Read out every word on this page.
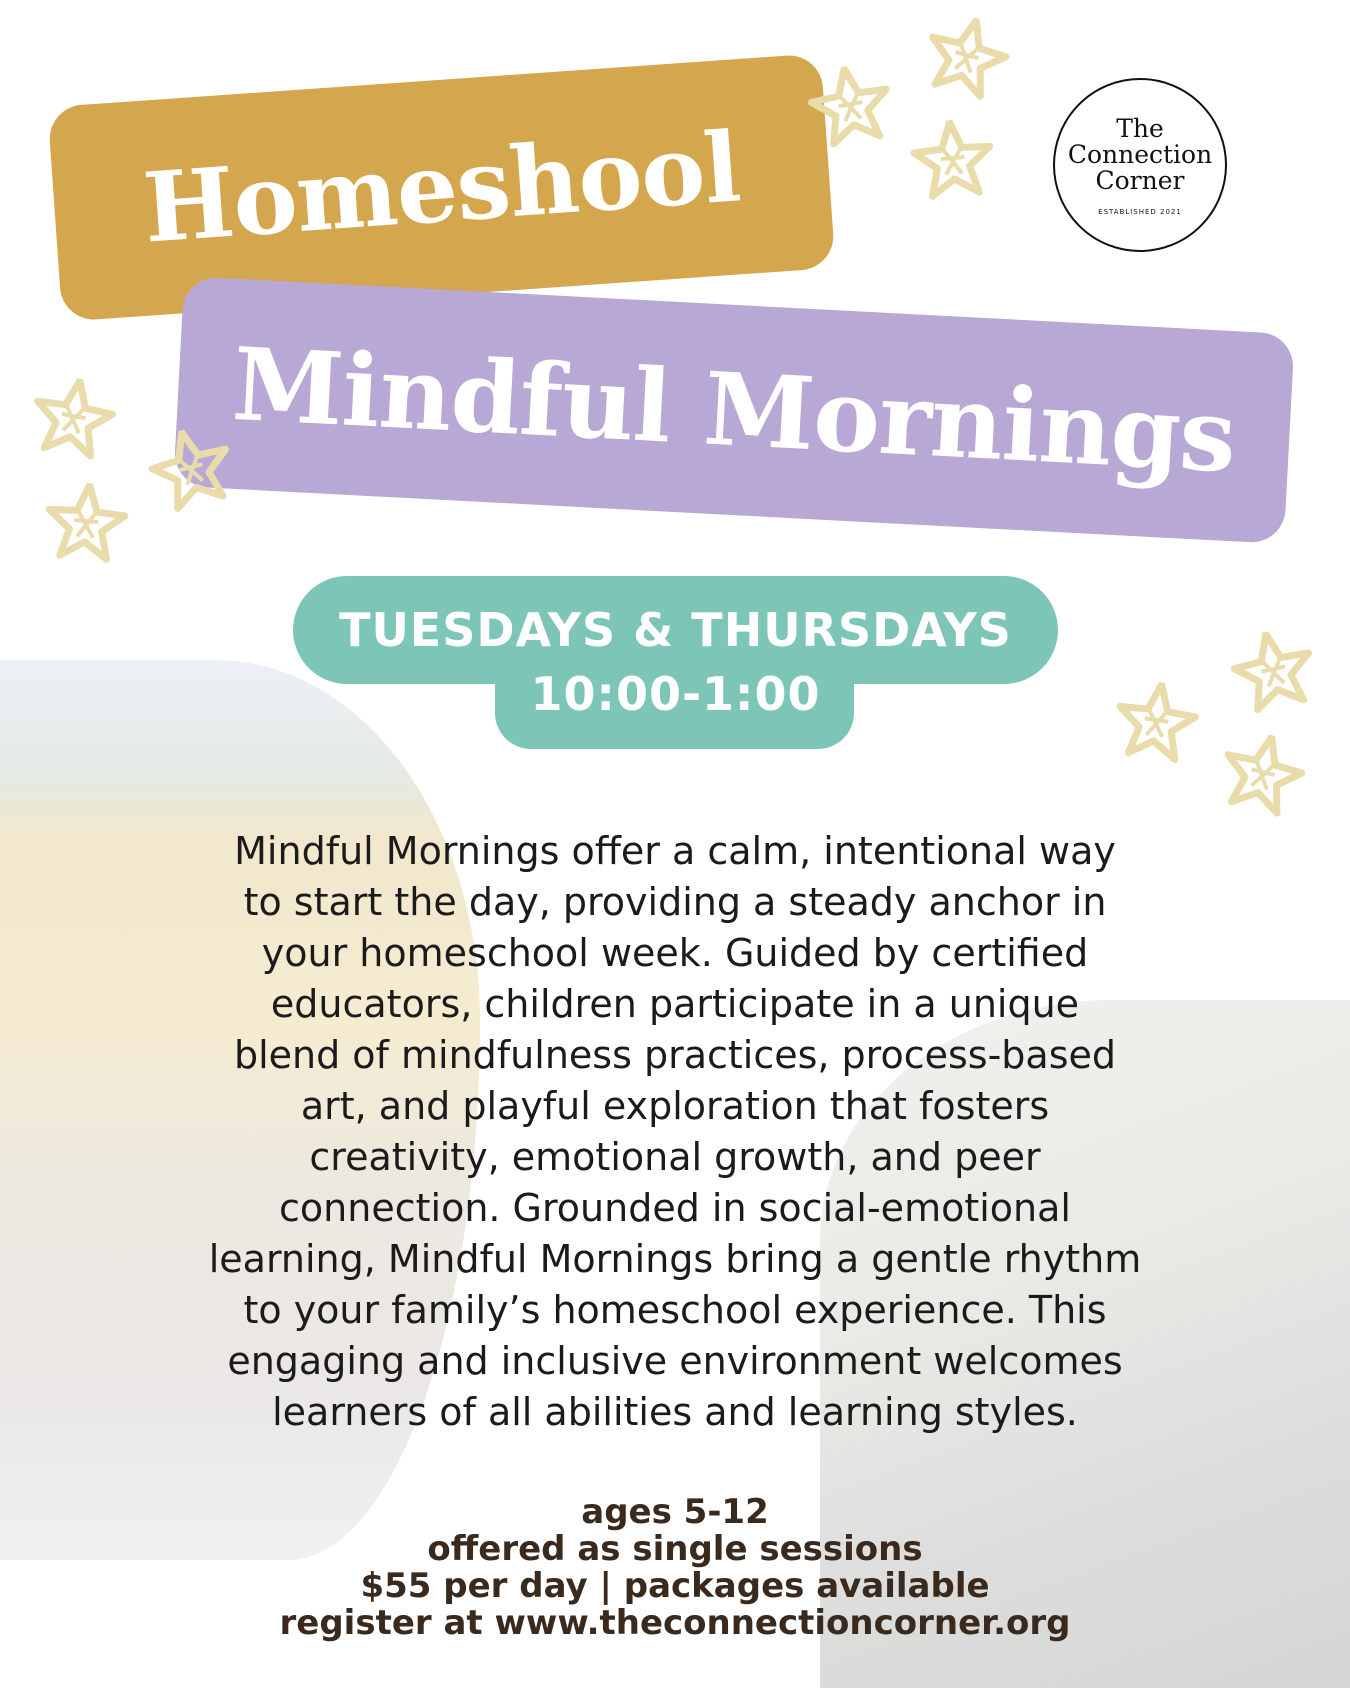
Homeshool
Mindful Mornings
The
Connection
Corner
ESTABLISHED 2021
TUESDAYS & THURSDAYS
10:00-1:00
Mindful Mornings offer a calm, intentional way
to start the day, providing a steady anchor in
your homeschool week. Guided by certified
educators, children participate in a unique
blend of mindfulness practices, process-based
art, and playful exploration that fosters
creativity, emotional growth, and peer
connection. Grounded in social-emotional
learning, Mindful Mornings bring a gentle rhythm
to your family’s homeschool experience. This
engaging and inclusive environment welcomes
learners of all abilities and learning styles.
ages 5-12
offered as single sessions
$55 per day | packages available
register at www.theconnectioncorner.org
